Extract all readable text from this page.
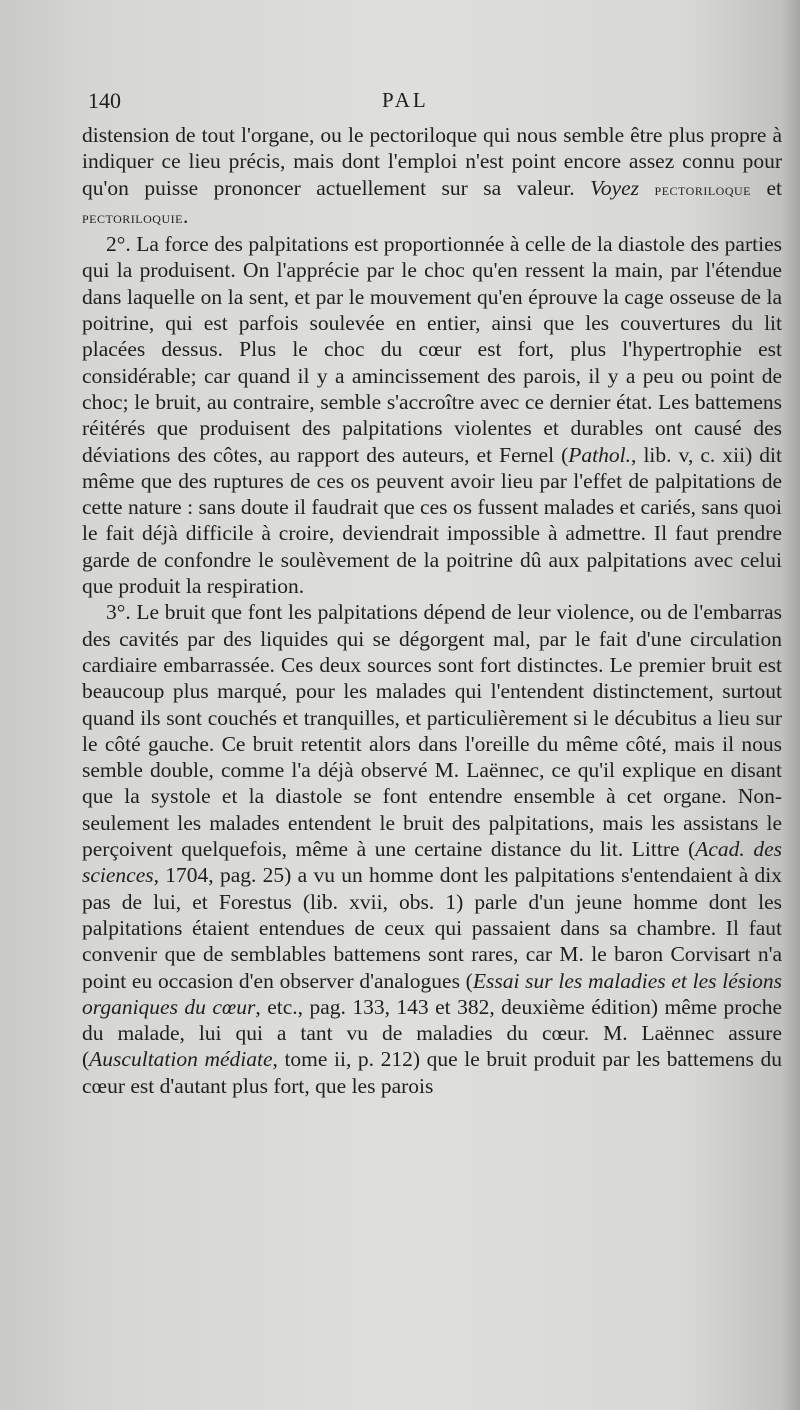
140	PAL

distension de tout l'organe, ou le pectoriloque qui nous semble être plus propre à indiquer ce lieu précis, mais dont l'emploi n'est point encore assez connu pour qu'on puisse prononcer actuellement sur sa valeur. Voyez pectoriloque et pectoriloquie.

2°. La force des palpitations est proportionnée à celle de la diastole des parties qui la produisent. On l'apprécie par le choc qu'en ressent la main, par l'étendue dans laquelle on la sent, et par le mouvement qu'en éprouve la cage osseuse de la poitrine, qui est parfois soulevée en entier, ainsi que les couvertures du lit placées dessus. Plus le choc du cœur est fort, plus l'hypertrophie est considérable; car quand il y a amincissement des parois, il y a peu ou point de choc; le bruit, au contraire, semble s'accroître avec ce dernier état. Les battemens réitérés que produisent des palpitations violentes et durables ont causé des déviations des côtes, au rapport des auteurs, et Fernel (Pathol., lib. v, c. xii) dit même que des ruptures de ces os peuvent avoir lieu par l'effet de palpitations de cette nature : sans doute il faudrait que ces os fussent malades et cariés, sans quoi le fait déjà difficile à croire, deviendrait impossible à admettre. Il faut prendre garde de confondre le soulèvement de la poitrine dû aux palpitations avec celui que produit la respiration.

3°. Le bruit que font les palpitations dépend de leur violence, ou de l'embarras des cavités par des liquides qui se dégorgent mal, par le fait d'une circulation cardiaire embarrassée. Ces deux sources sont fort distinctes. Le premier bruit est beaucoup plus marqué, pour les malades qui l'entendent distinctement, surtout quand ils sont couchés et tranquilles, et particulièrement si le décubitus a lieu sur le côté gauche. Ce bruit retentit alors dans l'oreille du même côté, mais il nous semble double, comme l'a déjà observé M. Laënnec, ce qu'il explique en disant que la systole et la diastole se font entendre ensemble à cet organe. Non-seulement les malades entendent le bruit des palpitations, mais les assistans le perçoivent quelquefois, même à une certaine distance du lit. Littre (Acad. des sciences, 1704, pag. 25) a vu un homme dont les palpitations s'entendaient à dix pas de lui, et Forestus (lib. xvii, obs. 1) parle d'un jeune homme dont les palpitations étaient entendues de ceux qui passaient dans sa chambre. Il faut convenir que de semblables battemens sont rares, car M. le baron Corvisart n'a point eu occasion d'en observer d'analogues (Essai sur les maladies et les lésions organiques du cœur, etc., pag. 133, 143 et 382, deuxième édition) même proche du malade, lui qui a tant vu de maladies du cœur. M. Laënnec assure (Auscultation médiate, tome ii, p. 212) que le bruit produit par les battemens du cœur est d'autant plus fort, que les parois
